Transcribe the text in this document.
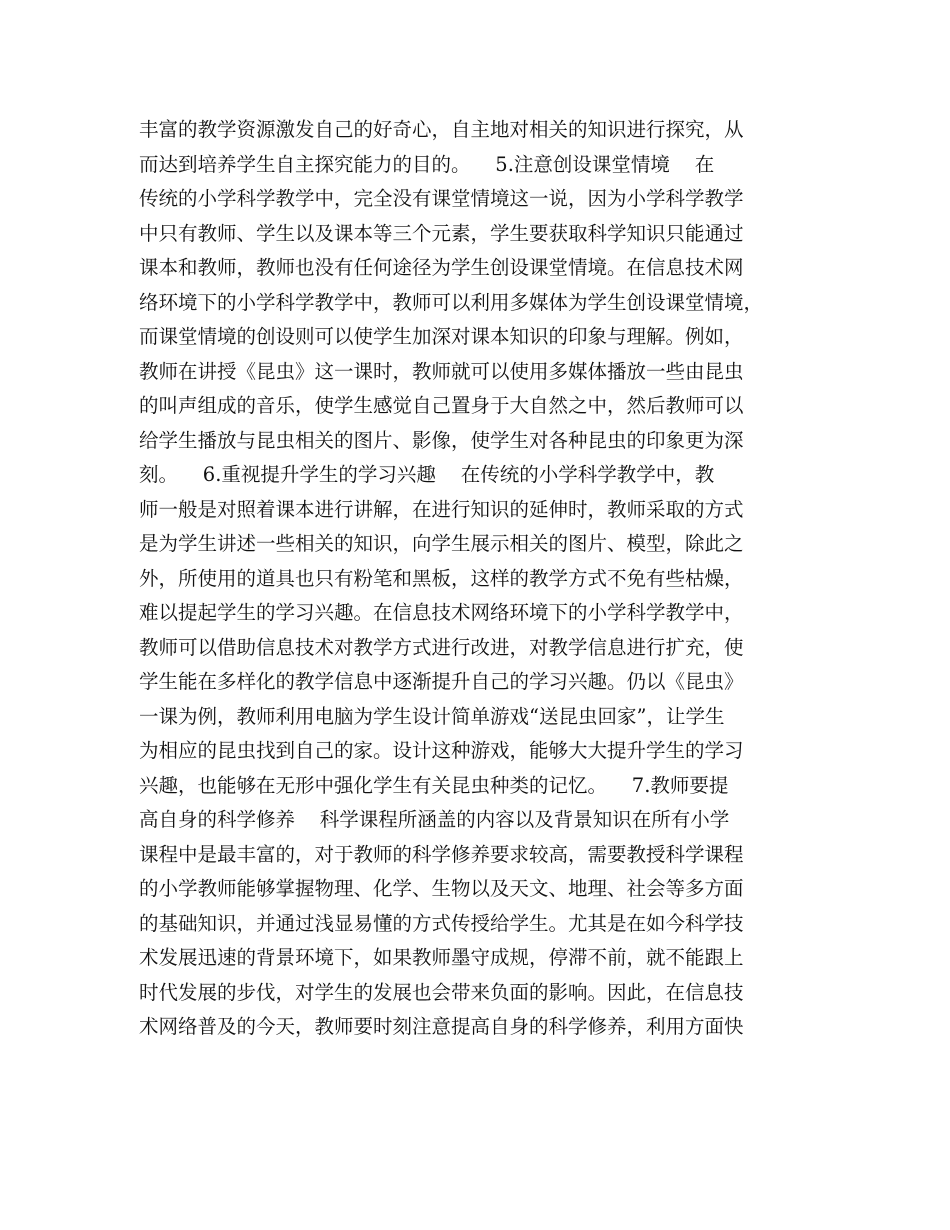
丰富的教学资源激发自己的好奇心，自主地对相关的知识进行探究，从
而达到培养学生自主探究能力的目的。    5.注意创设课堂情境    在
传统的小学科学教学中，完全没有课堂情境这一说，因为小学科学教学
中只有教师、学生以及课本等三个元素，学生要获取科学知识只能通过
课本和教师，教师也没有任何途径为学生创设课堂情境。在信息技术网
络环境下的小学科学教学中，教师可以利用多媒体为学生创设课堂情境，
而课堂情境的创设则可以使学生加深对课本知识的印象与理解。例如，
教师在讲授《昆虫》这一课时，教师就可以使用多媒体播放一些由昆虫
的叫声组成的音乐，使学生感觉自己置身于大自然之中，然后教师可以
给学生播放与昆虫相关的图片、影像，使学生对各种昆虫的印象更为深
刻。    6.重视提升学生的学习兴趣    在传统的小学科学教学中，教
师一般是对照着课本进行讲解，在进行知识的延伸时，教师采取的方式
是为学生讲述一些相关的知识，向学生展示相关的图片、模型，除此之
外，所使用的道具也只有粉笔和黑板，这样的教学方式不免有些枯燥，
难以提起学生的学习兴趣。在信息技术网络环境下的小学科学教学中，
教师可以借助信息技术对教学方式进行改进，对教学信息进行扩充，使
学生能在多样化的教学信息中逐渐提升自己的学习兴趣。仍以《昆虫》
一课为例，教师利用电脑为学生设计简单游戏“送昆虫回家”，让学生
为相应的昆虫找到自己的家。设计这种游戏，能够大大提升学生的学习
兴趣，也能够在无形中强化学生有关昆虫种类的记忆。    7.教师要提
高自身的科学修养    科学课程所涵盖的内容以及背景知识在所有小学
课程中是最丰富的，对于教师的科学修养要求较高，需要教授科学课程
的小学教师能够掌握物理、化学、生物以及天文、地理、社会等多方面
的基础知识，并通过浅显易懂的方式传授给学生。尤其是在如今科学技
术发展迅速的背景环境下，如果教师墨守成规，停滞不前，就不能跟上
时代发展的步伐，对学生的发展也会带来负面的影响。因此，在信息技
术网络普及的今天，教师要时刻注意提高自身的科学修养，利用方面快
